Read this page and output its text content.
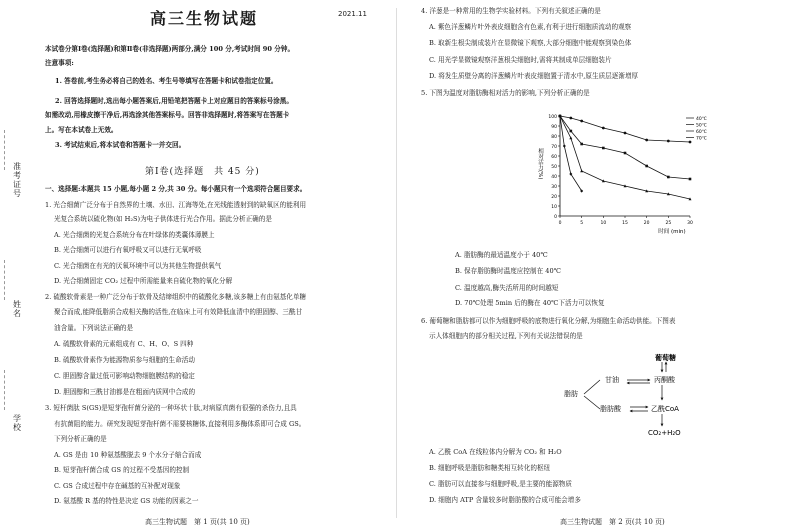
准考证号
姓名
学校
高三生物试题	2021.11
本试卷分第Ⅰ卷(选择题)和第Ⅱ卷(非选择题)两部分,满分 100 分,考试时间 90 分钟。
注意事项:
1. 答卷前,考生务必将自己的姓名、考生号等填写在答题卡和试卷指定位置。
2. 回答选择题时,选出每小题答案后,用铅笔把答题卡上对应题目的答案标号涂黑。
如需改动,用橡皮擦干净后,再选涂其他答案标号。回答非选择题时,将答案写在答题卡
上。写在本试卷上无效。
3. 考试结束后,将本试卷和答题卡一并交回。
第Ⅰ卷(选择题　共 45 分)
一、选择题:本题共 15 小题,每小题 2 分,共 30 分。每小题只有一个选项符合题目要求。
1. 光合细菌广泛分布于自然界的土壤、水田、江海等处,在光线能透射到的缺氧区的能利用
光复合系统以硫化物(如 H₂S)为电子供体进行光合作用。据此分析正确的是
A. 光合细菌的光复合系统分布在叶绿体的类囊体薄膜上
B. 光合细菌可以进行有氧呼吸又可以进行无氧呼吸
C. 光合细菌在有光的厌氧环境中可以为其他生物提供氧气
D. 光合细菌固定 CO₂ 过程中所需能量来自硫化物的氧化分解
2. 硫酸软骨素是一种广泛分布于软骨及结缔组织中的硫酸化多糖,该多糖上有由氨基化单糖
聚合而成,能降低脂质合成相关酶的活性,在临床上可有效降低血清中的胆固醇、三酰甘
油含量。下列说法正确的是
A. 硫酸软骨素的元素组成有 C、H、O、S 四种
B. 硫酸软骨素作为能源物质参与细胞的生命活动
C. 胆固醇含量过低可影响动物细胞膜结构的稳定
D. 胆固醇和三酰甘油都是在粗面内质网中合成的
3. 短杆菌肽 S(GS)是短芽孢杆菌分泌的一种环状十肽,对病原真菌有很强的杀伤力,且具
有抗菌阻的能力。研究发现短芽孢杆菌不需要核糖体,直接利用多酶体系即可合成 GS。
下列分析正确的是
A. GS 是由 10 种氨基酸脱去 9 个水分子缩合而成
B. 短芽孢杆菌合成 GS 的过程不受基因的控制
C. GS 合成过程中存在碱基的互补配对现象
D. 氨基酸 R 基的特性是决定 GS 功能的因素之一
高三生物试题　第 1 页(共 10 页)
4. 洋葱是一种常用的生物学实验材料。下列有关叙述正确的是
A. 紫色洋葱鳞片叶外表皮细胞含有色素,有利于进行细胞质流动的观察
B. 取新生根尖制成装片在显微镜下观察,大部分细胞中能观察到染色体
C. 用光学显微镜观察洋葱根尖细胞时,需将其制成单层细胞装片
D. 将发生质壁分离的洋葱鳞片叶表皮细胞置于清水中,原生质层逐渐增厚
5. 下图为温度对脂肪酶相对活力的影响,下列分析正确的是
0
10
20
30
40
50
60
70
80
90
100
0	5	10	15	20	25	30
时间 (min)
相对活力(%)
40℃
50℃
60℃
70℃
A. 脂肪酶的最适温度小于 40℃
B. 保存脂肪酶时温度应控制在 40℃
C. 温度越高,酶失活所用的时间越短
D. 70℃处理 5min 后的酶在 40℃下活力可以恢复
6. 葡萄糖和脂肪都可以作为细胞呼吸的底物进行氧化分解,为细胞生命活动供能。下图表
示人体细胞内的部分相关过程,下列有关说法错误的是
葡萄糖
甘油	丙酮酸
脂肪
脂肪酸	乙酰CoA
CO₂+H₂O
A. 乙酰 CoA 在线粒体内分解为 CO₂ 和 H₂O
B. 细胞呼吸是脂肪和糖类相互转化的枢纽
C. 脂肪可以直接参与细胞呼吸,是主要的能源物质
D. 细胞内 ATP 含量较多时脂肪酸的合成可能会增多
高三生物试题　第 2 页(共 10 页)
